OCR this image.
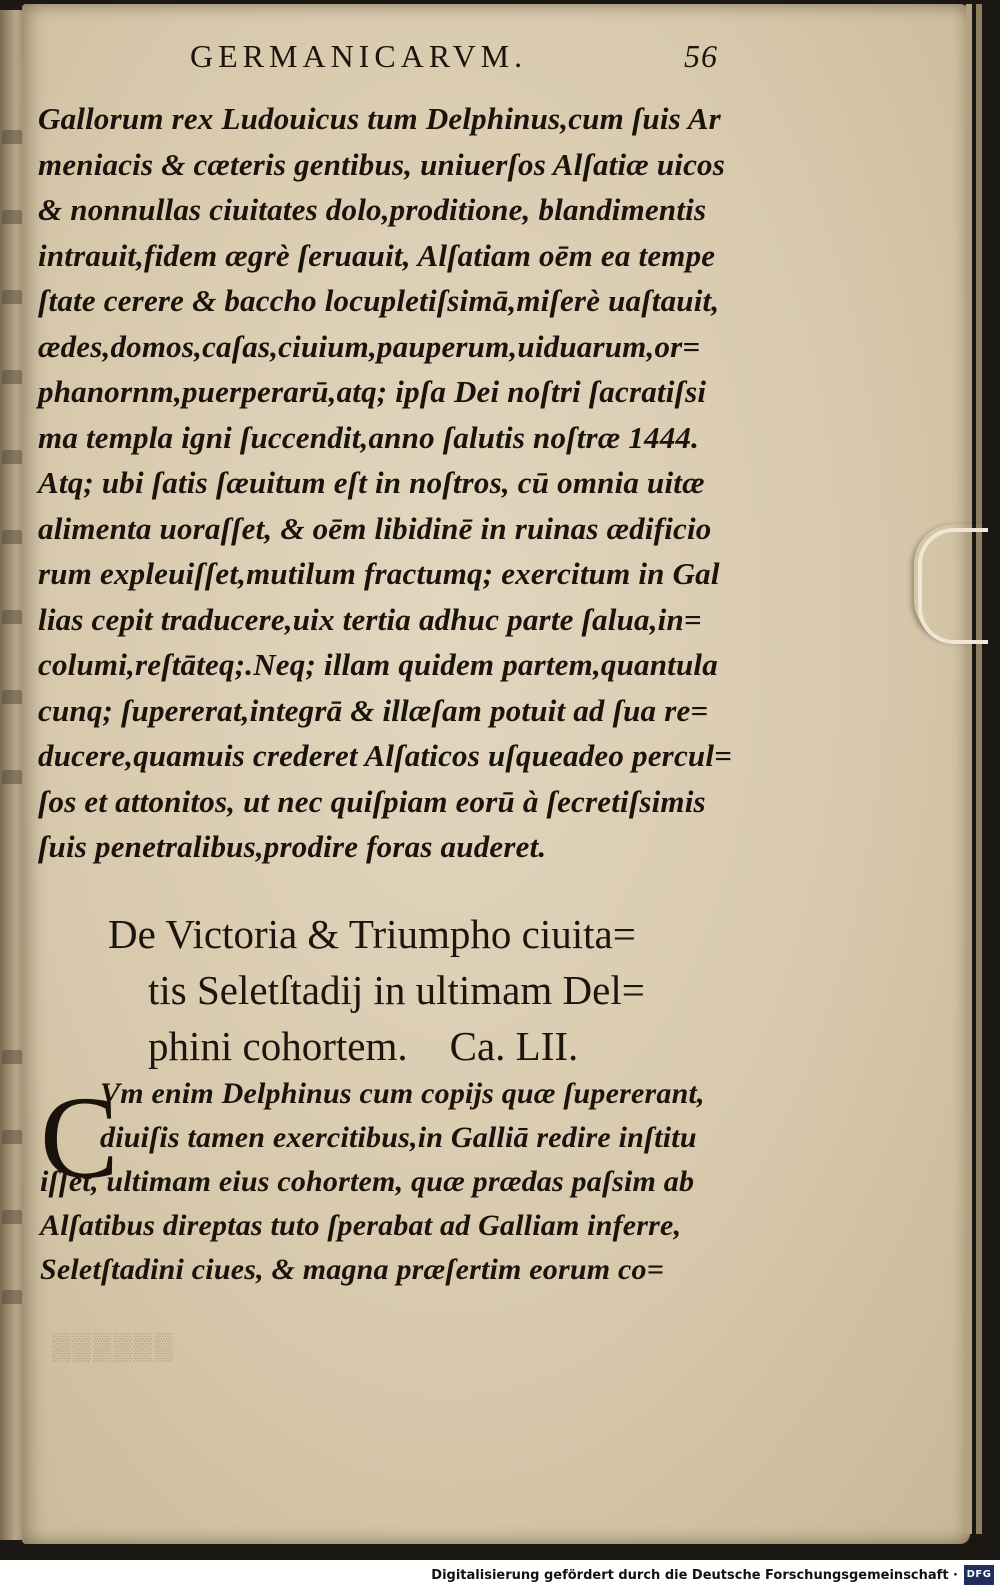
GERMANICARVM.	56
Gallorum rex Ludouicus tum Delphinus,cum ſuis Ar
meniacis & cæteris gentibus, uniuerſos Alſatiæ uicos
& nonnullas ciuitates dolo,proditione, blandimentis
intrauit,fidem ægrè ſeruauit, Alſatiam oēm ea tempe
ſtate cerere & baccho locupletiſsimā,miſerè uaſtauit,
ædes,domos,caſas,ciuium,pauperum,uiduarum,or=
phanornm,puerperarū,atq; ipſa Dei noſtri ſacratiſsi
ma templa igni ſuccendit,anno ſalutis noſtræ 1444.
Atq; ubi ſatis ſæuitum eſt in noſtros, cū omnia uitæ
alimenta uoraſſet, & oēm libidinē in ruinas ædificio
rum expleuiſſet,mutilum fractumq; exercitum in Gal
lias cepit traducere,uix tertia adhuc parte ſalua,in=
columi,reſtāteq;.Neq; illam quidem partem,quantula
cunq; ſupererat,integrā & illæſam potuit ad ſua re=
ducere,quamuis crederet Alſaticos uſqueadeo percul=
ſos et attonitos, ut nec quiſpiam eorū à ſecretiſsimis
ſuis penetralibus,prodire foras auderet.
De Victoria & Triumpho ciuita=
tis Seletſtadij in ultimam Del=
phini cohortem. Ca. LII.
C
Vm enim Delphinus cum copijs quæ ſupererant,
diuiſis tamen exercitibus,in Galliā redire inſtitu
iſſet, ultimam eius cohortem, quæ prædas paſsim ab
Alſatibus direptas tuto ſperabat ad Galliam inferre,
Seletſtadini ciues, & magna præſertim eorum co=
▒▒▒▒▒▒
Digitalisierung gefördert durch die Deutsche Forschungsgemeinschaft · DFG
